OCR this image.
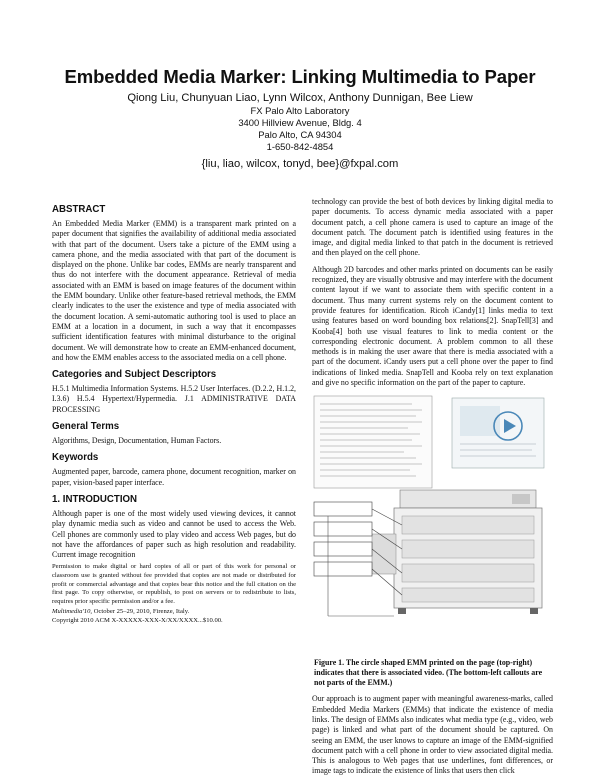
Embedded Media Marker: Linking Multimedia to Paper
Qiong Liu, Chunyuan Liao, Lynn Wilcox, Anthony Dunnigan, Bee Liew
FX Palo Alto Laboratory
3400 Hillview Avenue, Bldg. 4
Palo Alto, CA 94304
1-650-842-4854
{liu, liao, wilcox, tonyd, bee}@fxpal.com
ABSTRACT

An Embedded Media Marker (EMM) is a transparent mark printed on a paper document that signifies the availability of additional media associated with that part of the document. Users take a picture of the EMM using a camera phone, and the media associated with that part of the document is displayed on the phone. Unlike bar codes, EMMs are nearly transparent and thus do not interfere with the document appearance. Retrieval of media associated with an EMM is based on image features of the document within the EMM boundary. Unlike other feature-based retrieval methods, the EMM clearly indicates to the user the existence and type of media associated with the document location. A semi-automatic authoring tool is used to place an EMM at a location in a document, in such a way that it encompasses sufficient identification features with minimal disturbance to the original document. We will demonstrate how to create an EMM-enhanced document, and how the EMM enables access to the associated media on a cell phone.

Categories and Subject Descriptors

H.5.1 Multimedia Information Systems. H.5.2 User Interfaces. (D.2.2, H.1.2, I.3.6) H.5.4 Hypertext/Hypermedia. J.1 ADMINISTRATIVE DATA PROCESSING

General Terms

Algorithms, Design, Documentation, Human Factors.

Keywords

Augmented paper, barcode, camera phone, document recognition, marker on paper, vision-based paper interface.

1. INTRODUCTION

Although paper is one of the most widely used viewing devices, it cannot play dynamic media such as video and cannot be used to access the Web. Cell phones are commonly used to play video and access Web pages, but do not have the affordances of paper such as high resolution and readability. Current image recognition

Permission to make digital or hard copies of all or part of this work for personal or classroom use is granted without fee provided that copies are not made or distributed for profit or commercial advantage and that copies bear this notice and the full citation on the first page. To copy otherwise, or republish, to post on servers or to redistribute to lists, requires prior specific permission and/or a fee.
Multimedia'10, October 25–29, 2010, Firenze, Italy.
Copyright 2010 ACM X-XXXXX-XXX-X/XX/XXXX...$10.00.

technology can provide the best of both devices by linking digital media to paper documents. To access dynamic media associated with a paper document patch, a cell phone camera is used to capture an image of the document patch. The document patch is identified using features in the image, and digital media linked to that patch in the document is retrieved and then played on the cell phone.

Although 2D barcodes and other marks printed on documents can be easily recognized, they are visually obtrusive and may interfere with the document content layout if we want to associate them with specific content in a document. Thus many current systems rely on the document content to provide features for identification. Ricoh iCandy[1] links media to text using features based on word bounding box relations[2]. SnapTell[3] and Kooba[4] both use visual features to link to media content or the corresponding electronic document. A problem common to all these methods is in making the user aware that there is media associated with a part of the document. iCandy users put a cell phone over the paper to find indications of linked media. SnapTell and Kooba rely on text explanation and give no specific information on the part of the paper to capture.

Figure 1. The circle shaped EMM printed on the page (top-right) indicates that there is associated video. (The bottom-left callouts are not parts of the EMM.)

Our approach is to augment paper with meaningful awareness-marks, called Embedded Media Markers (EMMs) that indicate the existence of media links. The design of EMMs also indicates what media type (e.g., video, web page) is linked and what part of the document should be captured. On seeing an EMM, the user knows to capture an image of the EMM-signified document patch with a cell phone in order to view associated digital media. This is analogous to Web pages that use underlines, font differences, or image tags to indicate the existence of links that users then click
